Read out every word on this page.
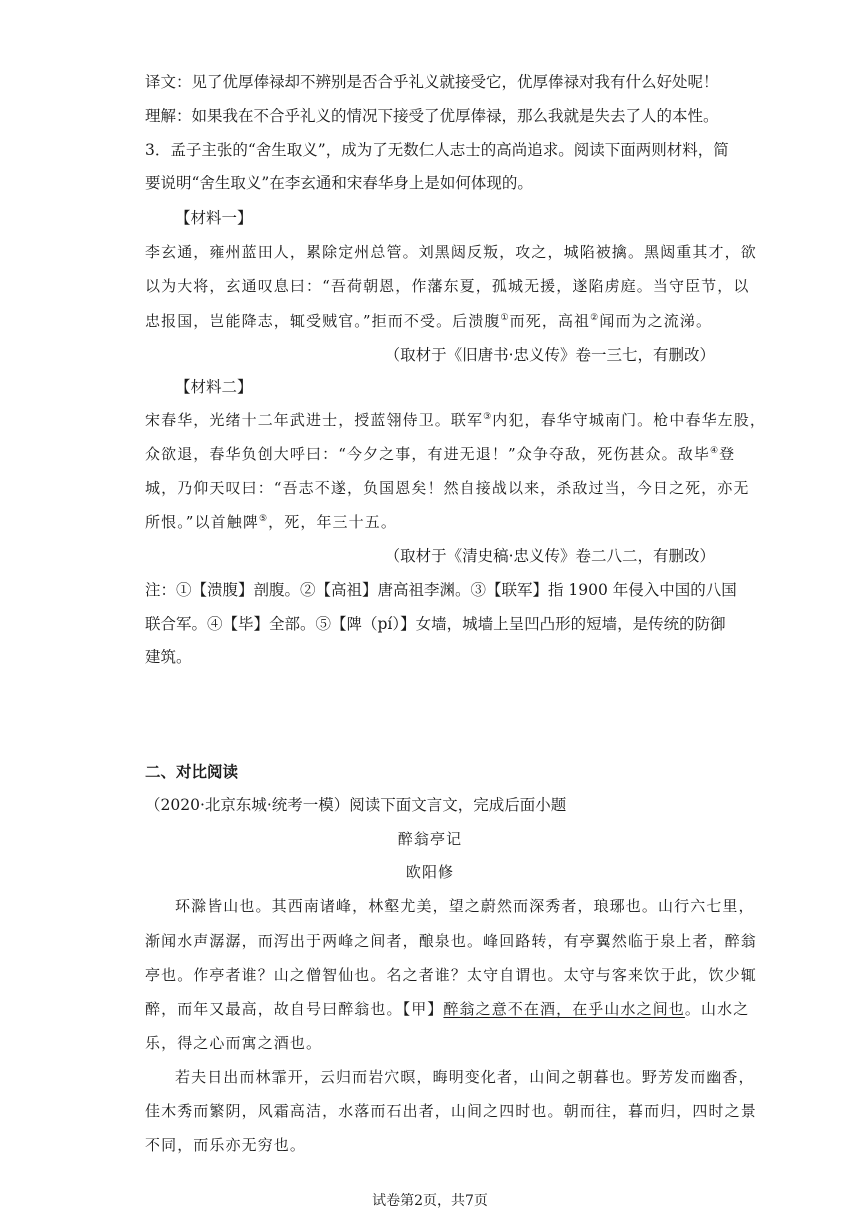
译文：见了优厚俸禄却不辨别是否合乎礼义就接受它，优厚俸禄对我有什么好处呢！
理解：如果我在不合乎礼义的情况下接受了优厚俸禄，那么我就是失去了人的本性。
3．孟子主张的“舍生取义”，成为了无数仁人志士的高尚追求。阅读下面两则材料，简
要说明“舍生取义”在李玄通和宋春华身上是如何体现的。
【材料一】
李玄通，雍州蓝田人，累除定州总管。刘黑闼反叛，攻之，城陷被擒。黑闼重其才，欲
以为大将，玄通叹息曰：“吾荷朝恩，作藩东夏，孤城无援，遂陷虏庭。当守臣节，以
忠报国，岂能降志，辄受贼官。”拒而不受。后溃腹①而死，高祖②闻而为之流涕。
（取材于《旧唐书·忠义传》卷一三七，有删改）
【材料二】
宋春华，光绪十二年武进士，授蓝翎侍卫。联军③内犯，春华守城南门。枪中春华左股，
众欲退，春华负创大呼曰：“今夕之事，有进无退！”众争夺敌，死伤甚众。敌毕④登
城，乃仰天叹曰：“吾志不遂，负国恩矣！然自接战以来，杀敌过当，今日之死，亦无
所恨。”以首触陴⑤，死，年三十五。
（取材于《清史稿·忠义传》卷二八二，有删改）
注：①【溃腹】剖腹。②【高祖】唐高祖李渊。③【联军】指 1900 年侵入中国的八国
联合军。④【毕】全部。⑤【陴（pí）】女墙，城墙上呈凹凸形的短墙，是传统的防御
建筑。
二、对比阅读
（2020·北京东城·统考一模）阅读下面文言文，完成后面小题
醉翁亭记
欧阳修
环滁皆山也。其西南诸峰，林壑尤美，望之蔚然而深秀者，琅琊也。山行六七里，
渐闻水声潺潺，而泻出于两峰之间者，酿泉也。峰回路转，有亭翼然临于泉上者，醉翁
亭也。作亭者谁？山之僧智仙也。名之者谁？太守自谓也。太守与客来饮于此，饮少辄
醉，而年又最高，故自号曰醉翁也。【甲】醉翁之意不在酒，在乎山水之间也。山水之
乐，得之心而寓之酒也。
若夫日出而林霏开，云归而岩穴暝，晦明变化者，山间之朝暮也。野芳发而幽香，
佳木秀而繁阴，风霜高洁，水落而石出者，山间之四时也。朝而往，暮而归，四时之景
不同，而乐亦无穷也。
试卷第2页，共7页
